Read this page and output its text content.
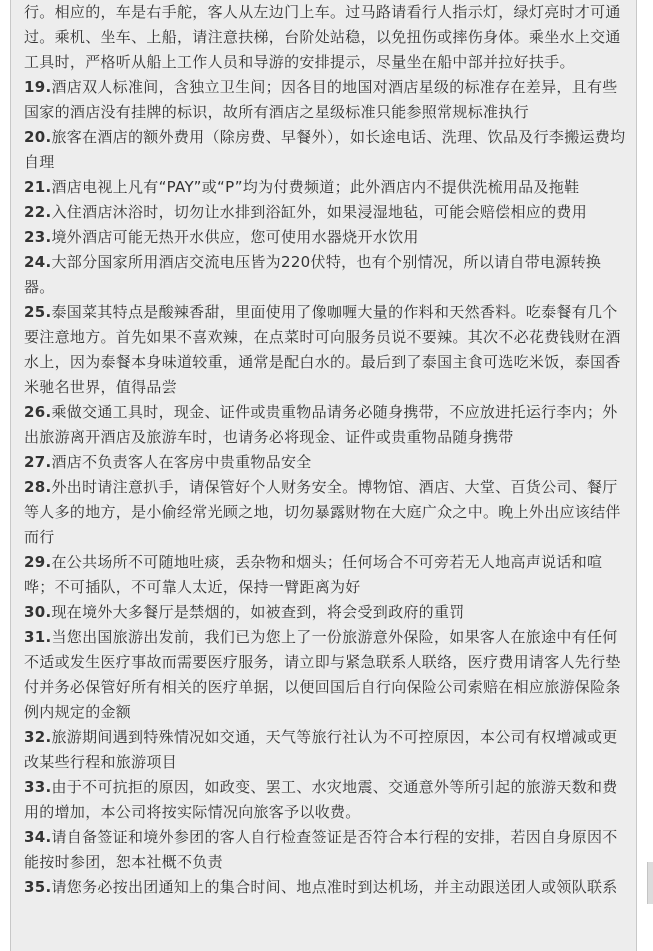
行。相应的，车是右手舵，客人从左边门上车。过马路请看行人指示灯，绿灯亮时才可通过。乘机、坐车、上船，请注意扶梯，台阶处站稳，以免扭伤或摔伤身体。乘坐水上交通工具时，严格听从船上工作人员和导游的安排提示，尽量坐在船中部并拉好扶手。

19.酒店双人标准间，含独立卫生间；因各目的地国对酒店星级的标准存在差异，且有些国家的酒店没有挂牌的标识，故所有酒店之星级标准只能参照常规标准执行

20.旅客在酒店的额外费用（除房费、早餐外），如长途电话、洗理、饮品及行李搬运费均自理

21.酒店电视上凡有“PAY”或“P”均为付费频道；此外酒店内不提供洗梳用品及拖鞋

22.入住酒店沐浴时，切勿让水排到浴缸外，如果浸湿地毡，可能会赔偿相应的费用

23.境外酒店可能无热开水供应，您可使用水器烧开水饮用

24.大部分国家所用酒店交流电压皆为220伏特，也有个别情况，所以请自带电源转换器。

25.泰国菜其特点是酸辣香甜，里面使用了像咖喱大量的作料和天然香料。吃泰餐有几个要注意地方。首先如果不喜欢辣，在点菜时可向服务员说不要辣。其次不必花费钱财在酒水上，因为泰餐本身味道较重，通常是配白水的。最后到了泰国主食可选吃米饭，泰国香米驰名世界，值得品尝

26.乘做交通工具时，现金、证件或贵重物品请务必随身携带，不应放进托运行李内；外出旅游离开酒店及旅游车时，也请务必将现金、证件或贵重物品随身携带

27.酒店不负责客人在客房中贵重物品安全

28.外出时请注意扒手，请保管好个人财务安全。博物馆、酒店、大堂、百货公司、餐厅等人多的地方，是小偷经常光顾之地，切勿暴露财物在大庭广众之中。晚上外出应该结伴而行

29.在公共场所不可随地吐痰，丢杂物和烟头；任何场合不可旁若无人地高声说话和喧哗；不可插队，不可靠人太近，保持一臂距离为好

30.现在境外大多餐厅是禁烟的，如被查到，将会受到政府的重罚

31.当您出国旅游出发前，我们已为您上了一份旅游意外保险，如果客人在旅途中有任何不适或发生医疗事故而需要医疗服务，请立即与紧急联系人联络，医疗费用请客人先行垫付并务必保管好所有相关的医疗单据，以便回国后自行向保险公司索赔在相应旅游保险条例内规定的金额

32.旅游期间遇到特殊情况如交通，天气等旅行社认为不可控原因，本公司有权增减或更改某些行程和旅游项目

33.由于不可抗拒的原因，如政变、罢工、水灾地震、交通意外等所引起的旅游天数和费用的增加，本公司将按实际情况向旅客予以收费。

34.请自备签证和境外参团的客人自行检查签证是否符合本行程的安排，若因自身原因不能按时参团，恕本社概不负责

35.请您务必按出团通知上的集合时间、地点准时到达机场，并主动跟送团人或领队联系
